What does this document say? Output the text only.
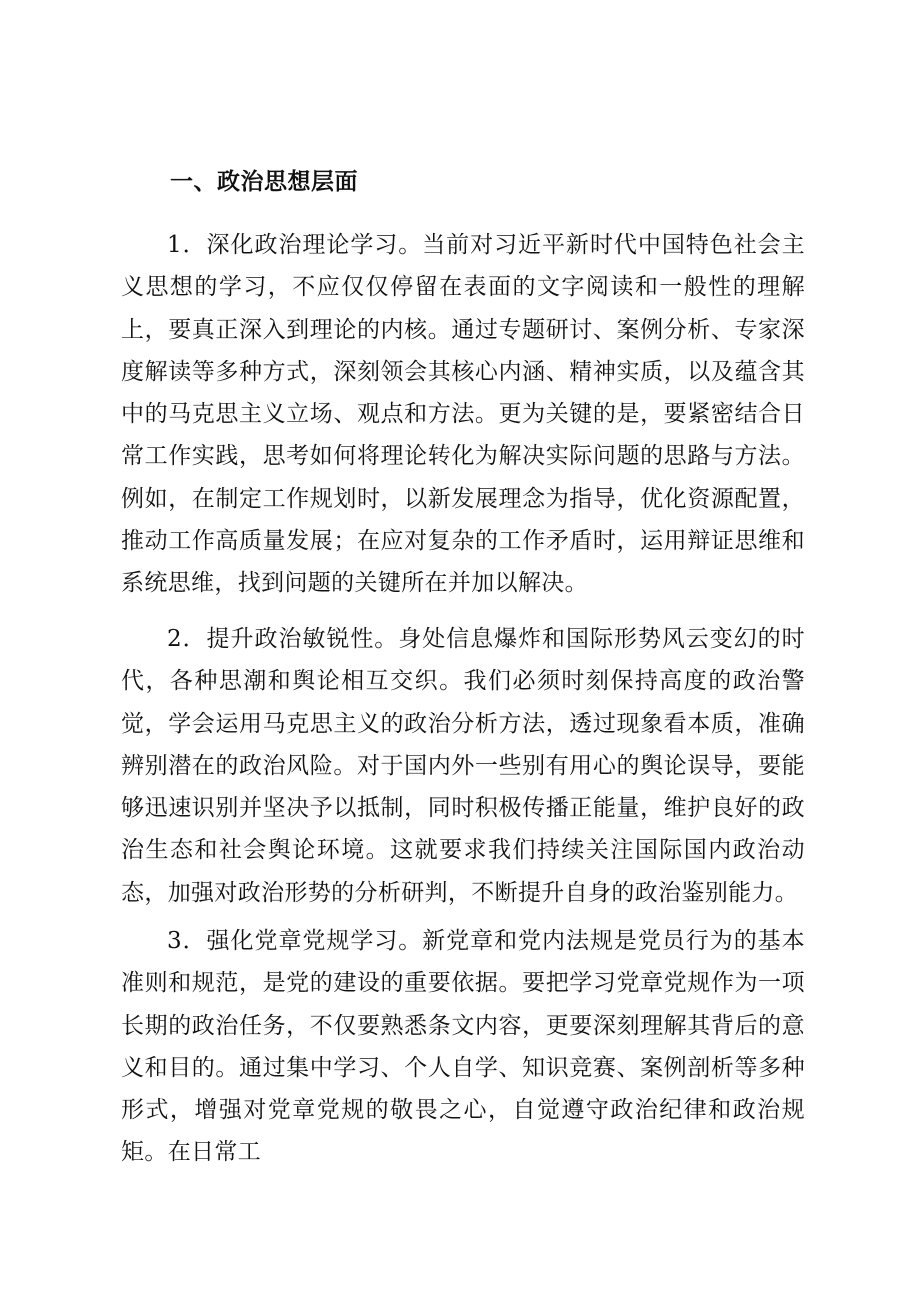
一、政治思想层面

1．深化政治理论学习。当前对习近平新时代中国特色社会主义思想的学习，不应仅仅停留在表面的文字阅读和一般性的理解上，要真正深入到理论的内核。通过专题研讨、案例分析、专家深度解读等多种方式，深刻领会其核心内涵、精神实质，以及蕴含其中的马克思主义立场、观点和方法。更为关键的是，要紧密结合日常工作实践，思考如何将理论转化为解决实际问题的思路与方法。例如，在制定工作规划时，以新发展理念为指导，优化资源配置，推动工作高质量发展；在应对复杂的工作矛盾时，运用辩证思维和系统思维，找到问题的关键所在并加以解决。

2．提升政治敏锐性。身处信息爆炸和国际形势风云变幻的时代，各种思潮和舆论相互交织。我们必须时刻保持高度的政治警觉，学会运用马克思主义的政治分析方法，透过现象看本质，准确辨别潜在的政治风险。对于国内外一些别有用心的舆论误导，要能够迅速识别并坚决予以抵制，同时积极传播正能量，维护良好的政治生态和社会舆论环境。这就要求我们持续关注国际国内政治动态，加强对政治形势的分析研判，不断提升自身的政治鉴别能力。

3．强化党章党规学习。新党章和党内法规是党员行为的基本准则和规范，是党的建设的重要依据。要把学习党章党规作为一项长期的政治任务，不仅要熟悉条文内容，更要深刻理解其背后的意义和目的。通过集中学习、个人自学、知识竞赛、案例剖析等多种形式，增强对党章党规的敬畏之心，自觉遵守政治纪律和政治规矩。在日常工
